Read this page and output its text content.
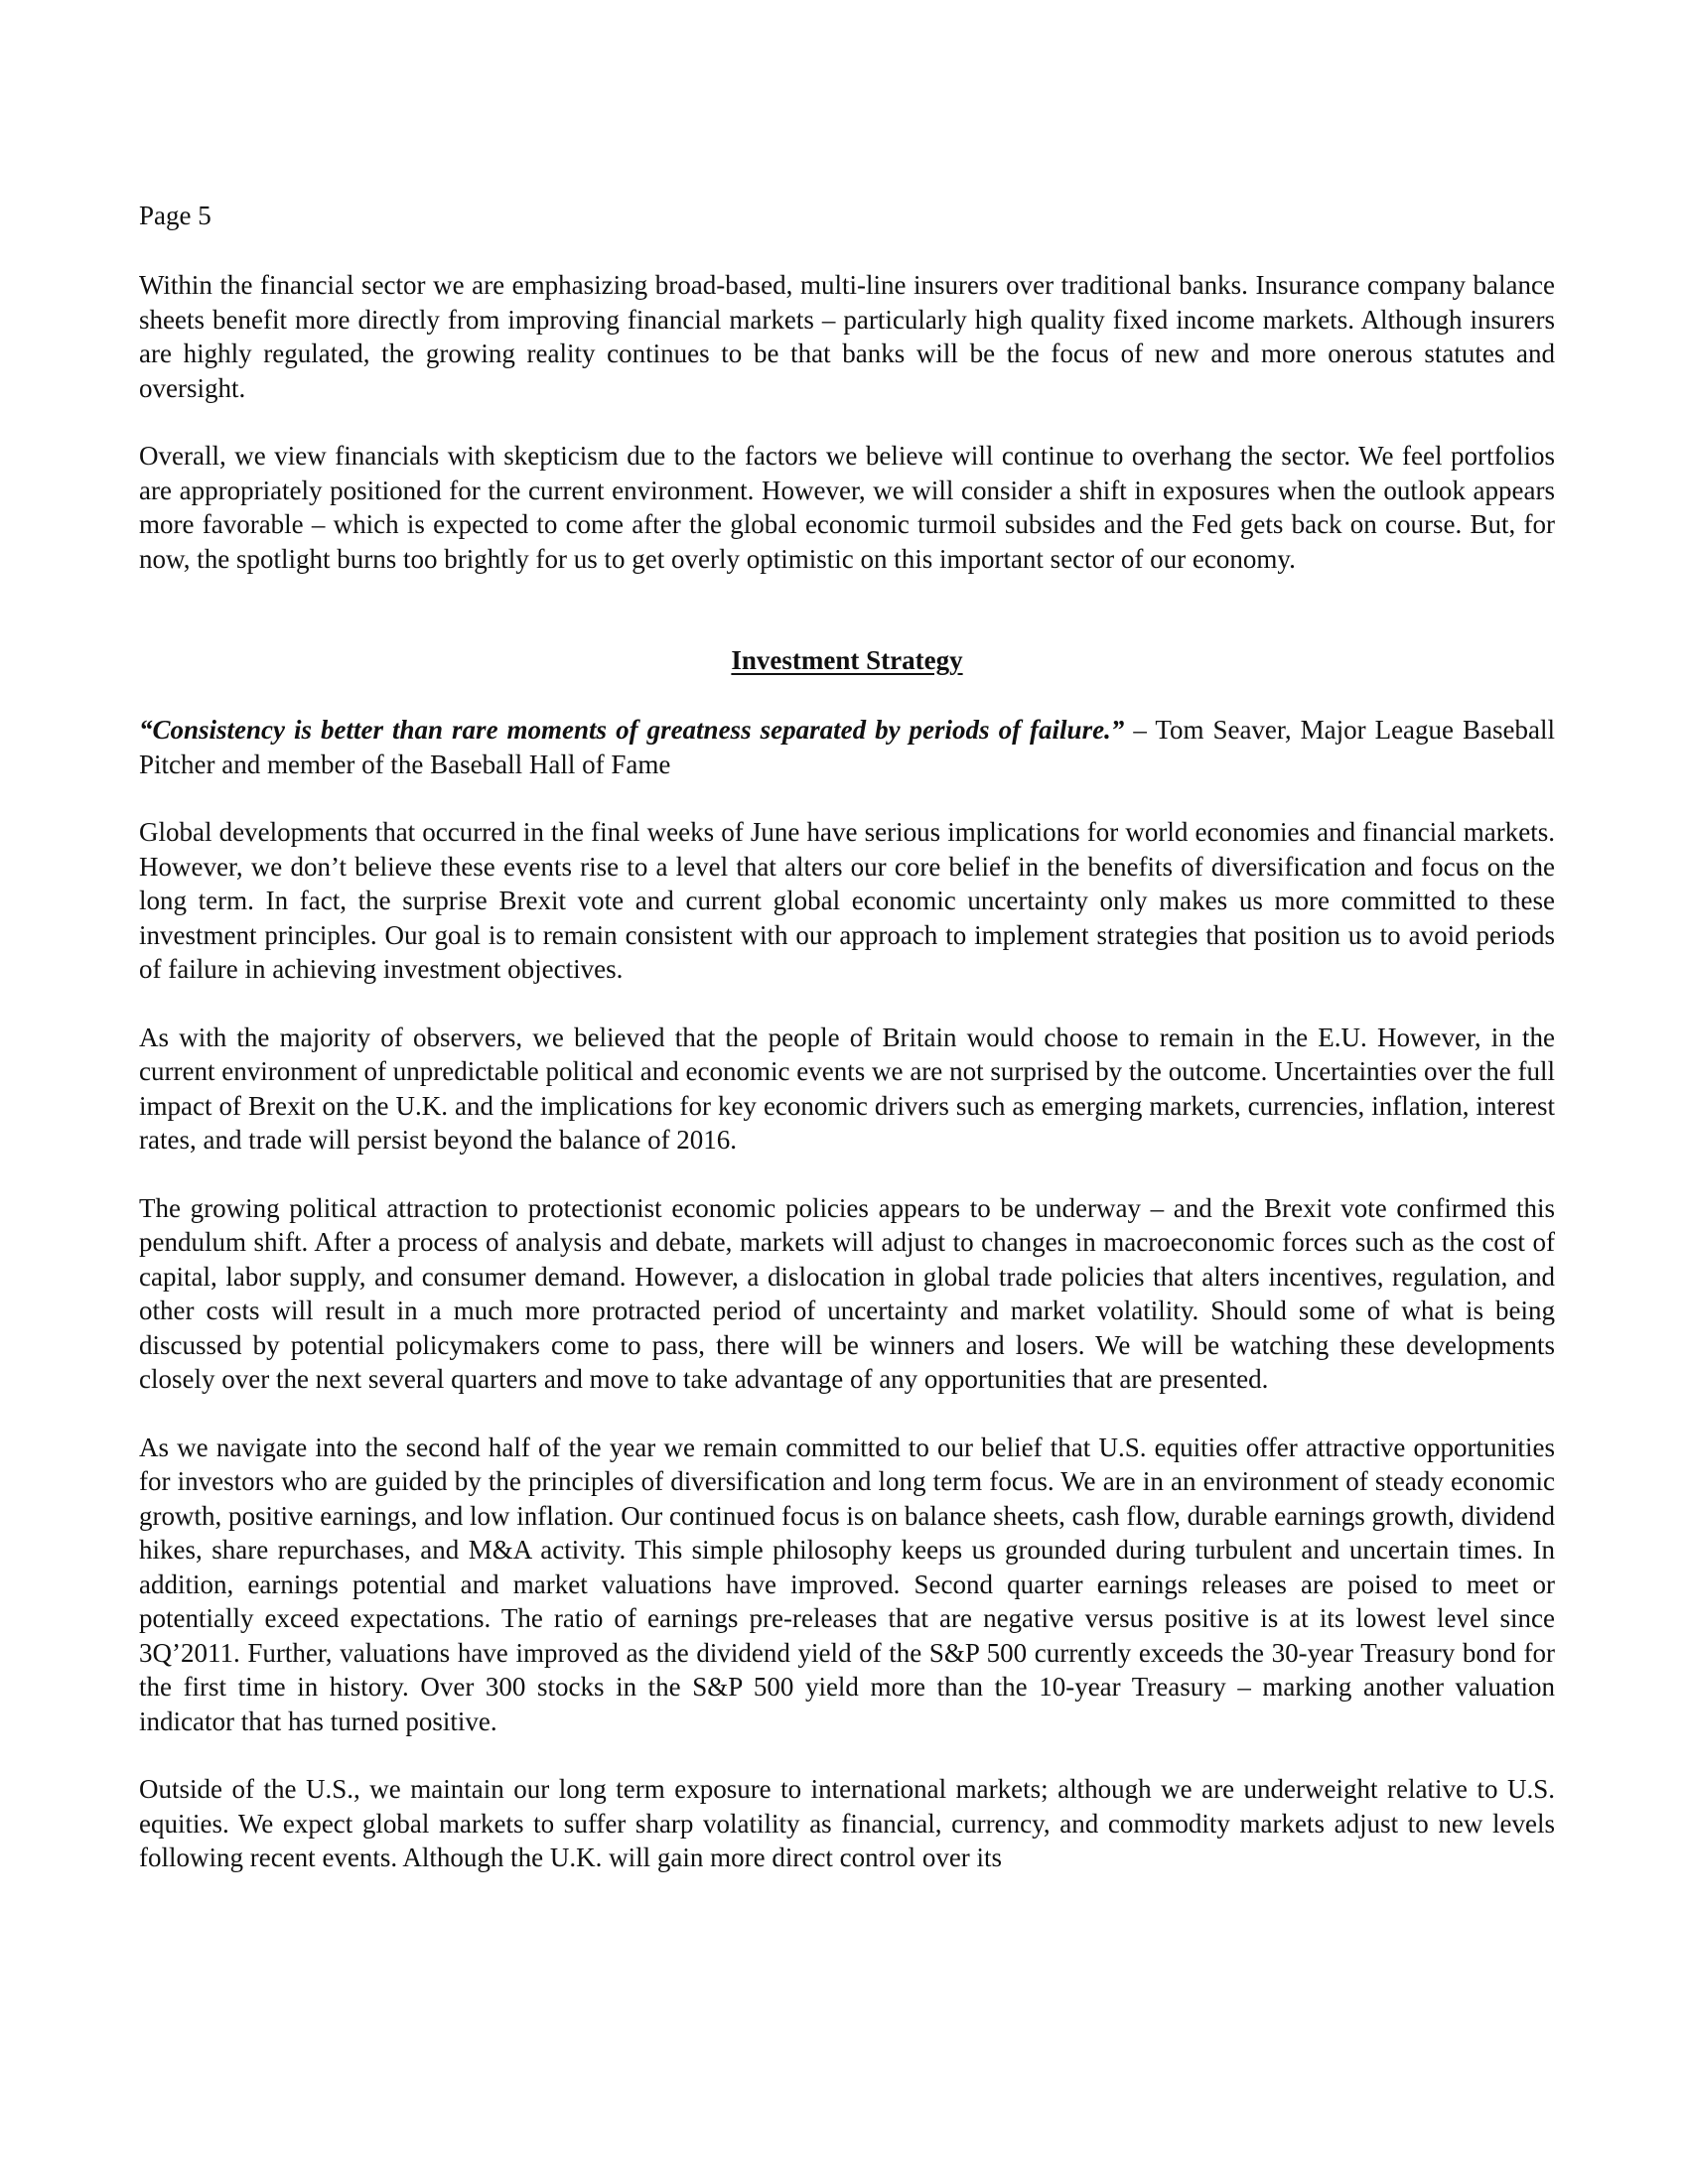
Page 5

Within the financial sector we are emphasizing broad-based, multi-line insurers over traditional banks. Insurance company balance sheets benefit more directly from improving financial markets – particularly high quality fixed income markets. Although insurers are highly regulated, the growing reality continues to be that banks will be the focus of new and more onerous statutes and oversight.

Overall, we view financials with skepticism due to the factors we believe will continue to overhang the sector. We feel portfolios are appropriately positioned for the current environment. However, we will consider a shift in exposures when the outlook appears more favorable – which is expected to come after the global economic turmoil subsides and the Fed gets back on course. But, for now, the spotlight burns too brightly for us to get overly optimistic on this important sector of our economy.

Investment Strategy

“Consistency is better than rare moments of greatness separated by periods of failure.” – Tom Seaver, Major League Baseball Pitcher and member of the Baseball Hall of Fame

Global developments that occurred in the final weeks of June have serious implications for world economies and financial markets. However, we don’t believe these events rise to a level that alters our core belief in the benefits of diversification and focus on the long term. In fact, the surprise Brexit vote and current global economic uncertainty only makes us more committed to these investment principles. Our goal is to remain consistent with our approach to implement strategies that position us to avoid periods of failure in achieving investment objectives.

As with the majority of observers, we believed that the people of Britain would choose to remain in the E.U. However, in the current environment of unpredictable political and economic events we are not surprised by the outcome. Uncertainties over the full impact of Brexit on the U.K. and the implications for key economic drivers such as emerging markets, currencies, inflation, interest rates, and trade will persist beyond the balance of 2016.

The growing political attraction to protectionist economic policies appears to be underway – and the Brexit vote confirmed this pendulum shift. After a process of analysis and debate, markets will adjust to changes in macroeconomic forces such as the cost of capital, labor supply, and consumer demand. However, a dislocation in global trade policies that alters incentives, regulation, and other costs will result in a much more protracted period of uncertainty and market volatility. Should some of what is being discussed by potential policymakers come to pass, there will be winners and losers. We will be watching these developments closely over the next several quarters and move to take advantage of any opportunities that are presented.

As we navigate into the second half of the year we remain committed to our belief that U.S. equities offer attractive opportunities for investors who are guided by the principles of diversification and long term focus. We are in an environment of steady economic growth, positive earnings, and low inflation. Our continued focus is on balance sheets, cash flow, durable earnings growth, dividend hikes, share repurchases, and M&A activity. This simple philosophy keeps us grounded during turbulent and uncertain times. In addition, earnings potential and market valuations have improved. Second quarter earnings releases are poised to meet or potentially exceed expectations. The ratio of earnings pre-releases that are negative versus positive is at its lowest level since 3Q’2011. Further, valuations have improved as the dividend yield of the S&P 500 currently exceeds the 30-year Treasury bond for the first time in history. Over 300 stocks in the S&P 500 yield more than the 10-year Treasury – marking another valuation indicator that has turned positive.

Outside of the U.S., we maintain our long term exposure to international markets; although we are underweight relative to U.S. equities. We expect global markets to suffer sharp volatility as financial, currency, and commodity markets adjust to new levels following recent events. Although the U.K. will gain more direct control over its
